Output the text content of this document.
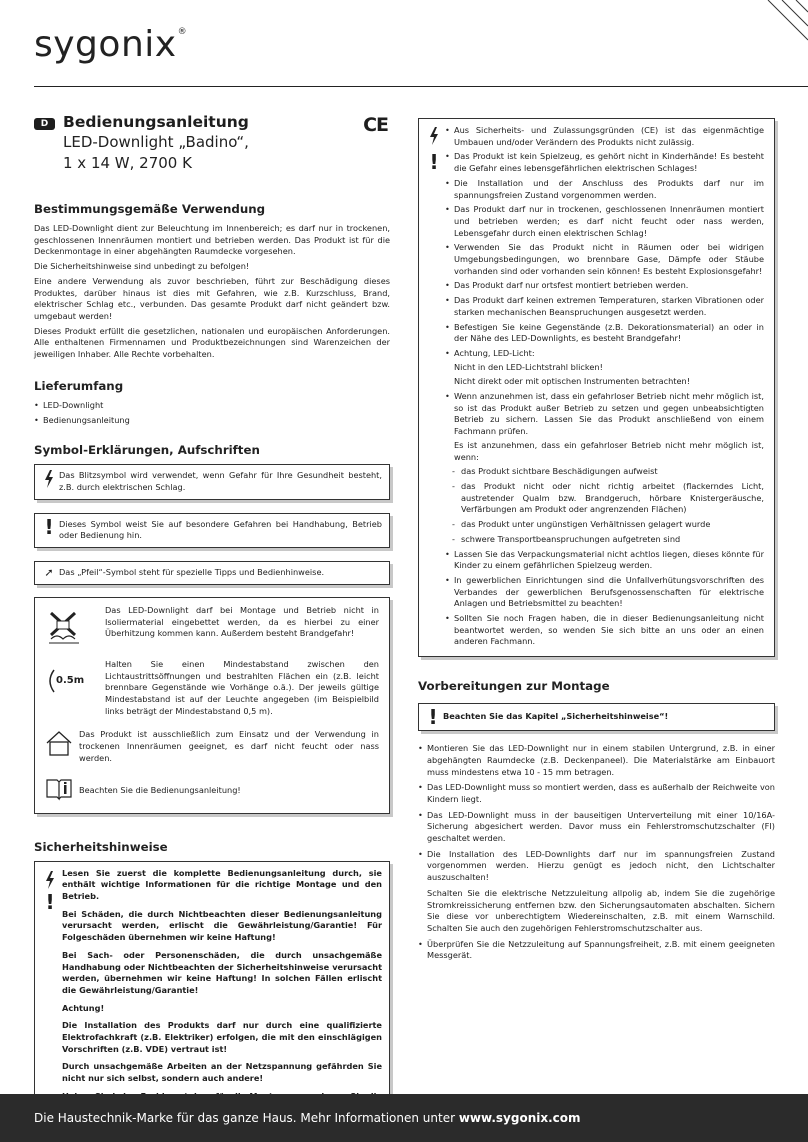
sygonix®
D Bedienungsanleitung	CE
LED-Downlight „Badino“,
1 x 14 W, 2700 K
Bestimmungsgemäße Verwendung

Das LED-Downlight dient zur Beleuchtung im Innenbereich; es darf nur in trockenen, geschlossenen Innenräumen montiert und betrieben werden. Das Produkt ist für die Deckenmontage in einer abgehängten Raumdecke vorgesehen.

Die Sicherheitshinweise sind unbedingt zu befolgen!

Eine andere Verwendung als zuvor beschrieben, führt zur Beschädigung dieses Produktes, darüber hinaus ist dies mit Gefahren, wie z.B. Kurzschluss, Brand, elektrischer Schlag etc., verbunden. Das gesamte Produkt darf nicht geändert bzw. umgebaut werden!

Dieses Produkt erfüllt die gesetzlichen, nationalen und europäischen Anforderungen. Alle enthaltenen Firmennamen und Produktbezeichnungen sind Warenzeichen der jeweiligen Inhaber. Alle Rechte vorbehalten.

Lieferumfang
• LED-Downlight
• Bedienungsanleitung
Symbol-Erklärungen, Aufschriften
Das Blitzsymbol wird verwendet, wenn Gefahr für Ihre Gesundheit besteht, z.B. durch elektrischen Schlag.
! Dieses Symbol weist Sie auf besondere Gefahren bei Handhabung, Betrieb oder Bedienung hin.
➚ Das „Pfeil“-Symbol steht für spezielle Tipps und Bedienhinweise.
Das LED-Downlight darf bei Montage und Betrieb nicht in Isoliermaterial eingebettet werden, da es hierbei zu einer Überhitzung kommen kann. Außerdem besteht Brandgefahr!
0.5m
Halten Sie einen Mindestabstand zwischen den Lichtaustrittsöffnungen und bestrahlten Flächen ein (z.B. leicht brennbare Gegenstände wie Vorhänge o.ä.). Der jeweils gültige Mindestabstand ist auf der Leuchte angegeben (im Beispielbild links beträgt der Mindestabstand 0,5 m).
Das Produkt ist ausschließlich zum Einsatz und der Verwendung in trockenen Innenräumen geeignet, es darf nicht feucht oder nass werden.
Beachten Sie die Bedienungsanleitung!
Sicherheitshinweise
!

Lesen Sie zuerst die komplette Bedienungsanleitung durch, sie enthält wichtige Informationen für die richtige Montage und den Betrieb.

Bei Schäden, die durch Nichtbeachten dieser Bedienungsanleitung verursacht werden, erlischt die Gewährleistung/Garantie! Für Folgeschäden übernehmen wir keine Haftung!

Bei Sach- oder Personenschäden, die durch unsachgemäße Handhabung oder Nichtbeachten der Sicherheitshinweise verursacht werden, übernehmen wir keine Haftung! In solchen Fällen erlischt die Gewährleistung/Garantie!

Achtung!

Die Installation des Produkts darf nur durch eine qualifizierte Elektrofachkraft (z.B. Elektriker) erfolgen, die mit den einschlägigen Vorschriften (z.B. VDE) vertraut ist!

Durch unsachgemäße Arbeiten an der Netzspannung gefährden Sie nicht nur sich selbst, sondern auch andere!

!
• Aus Sicherheits- und Zulassungsgründen (CE) ist das eigenmächtige Umbauen und/oder Verändern des Produkts nicht zulässig.
• Das Produkt ist kein Spielzeug, es gehört nicht in Kinderhände! Es besteht die Gefahr eines lebensgefährlichen elektrischen Schlages!
• Die Installation und der Anschluss des Produkts darf nur im spannungsfreien Zustand vorgenommen werden.
• Das Produkt darf nur in trockenen, geschlossenen Innenräumen montiert und betrieben werden; es darf nicht feucht oder nass werden, Lebensgefahr durch einen elektrischen Schlag!
• Verwenden Sie das Produkt nicht in Räumen oder bei widrigen Umgebungsbedingungen, wo brennbare Gase, Dämpfe oder Stäube vorhanden sind oder vorhanden sein können! Es besteht Explosionsgefahr!
• Das Produkt darf nur ortsfest montiert betrieben werden.
• Das Produkt darf keinen extremen Temperaturen, starken Vibrationen oder starken mechanischen Beanspruchungen ausgesetzt werden.
• Befestigen Sie keine Gegenstände (z.B. Dekorationsmaterial) an oder in der Nähe des LED-Downlights, es besteht Brandgefahr!
• Achtung, LED-Licht:
Nicht in den LED-Lichtstrahl blicken!
Nicht direkt oder mit optischen Instrumenten betrachten!
• Wenn anzunehmen ist, dass ein gefahrloser Betrieb nicht mehr möglich ist, so ist das Produkt außer Betrieb zu setzen und gegen unbeabsichtigten Betrieb zu sichern. Lassen Sie das Produkt anschließend von einem Fachmann prüfen.
Es ist anzunehmen, dass ein gefahrloser Betrieb nicht mehr möglich ist, wenn:
- das Produkt sichtbare Beschädigungen aufweist
- das Produkt nicht oder nicht richtig arbeitet (flackerndes Licht, austretender Qualm bzw. Brandgeruch, hörbare Knistergeräusche, Verfärbungen am Produkt oder angrenzenden Flächen)
- das Produkt unter ungünstigen Verhältnissen gelagert wurde
- schwere Transportbeanspruchungen aufgetreten sind
• Lassen Sie das Verpackungsmaterial nicht achtlos liegen, dieses könnte für Kinder zu einem gefährlichen Spielzeug werden.
• In gewerblichen Einrichtungen sind die Unfallverhütungsvorschriften des Verbandes der gewerblichen Berufsgenossenschaften für elektrische Anlagen und Betriebsmittel zu beachten!
• Sollten Sie noch Fragen haben, die in dieser Bedienungsanleitung nicht beantwortet werden, so wenden Sie sich bitte an uns oder an einen anderen Fachmann.
Vorbereitungen zur Montage
! Beachten Sie das Kapitel „Sicherheitshinweise“!
• Montieren Sie das LED-Downlight nur in einem stabilen Untergrund, z.B. in einer abgehängten Raumdecke (z.B. Deckenpaneel). Die Materialstärke am Einbauort muss mindestens etwa 10 - 15 mm betragen.
• Das LED-Downlight muss so montiert werden, dass es außerhalb der Reichweite von Kindern liegt.
• Das LED-Downlight muss in der bauseitigen Unterverteilung mit einer 10/16A-Sicherung abgesichert werden. Davor muss ein Fehlerstromschutzschalter (FI) geschaltet werden.
• Die Installation des LED-Downlights darf nur im spannungsfreien Zustand vorgenommen werden. Hierzu genügt es jedoch nicht, den Lichtschalter auszuschalten!
Schalten Sie die elektrische Netzzuleitung allpolig ab, indem Sie die zugehörige Stromkreissicherung entfernen bzw. den Sicherungsautomaten abschalten. Sichern Sie diese vor unberechtigtem Wiedereinschalten, z.B. mit einem Warnschild. Schalten Sie auch den zugehörigen Fehlerstromschutzschalter aus.
• Überprüfen Sie die Netzzuleitung auf Spannungsfreiheit, z.B. mit einem geeigneten Messgerät.
Die Haustechnik-Marke für das ganze Haus. Mehr Informationen unter www.sygonix.com
